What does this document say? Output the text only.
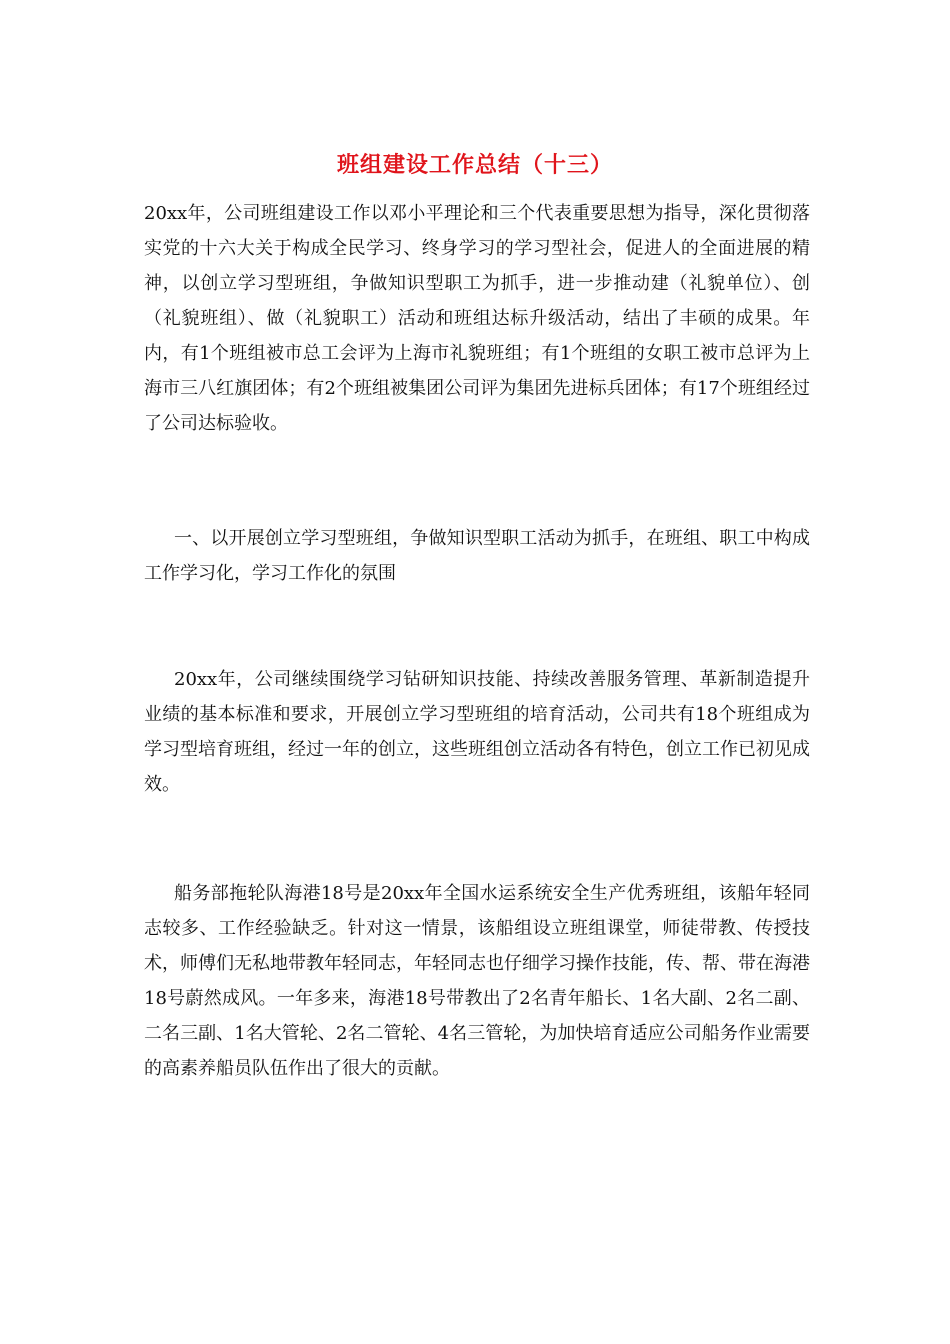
班组建设工作总结（十三）

20xx年，公司班组建设工作以邓小平理论和三个代表重要思想为指导，深化贯彻落实党的十六大关于构成全民学习、终身学习的学习型社会，促进人的全面进展的精神，以创立学习型班组，争做知识型职工为抓手，进一步推动建（礼貌单位）、创（礼貌班组）、做（礼貌职工）活动和班组达标升级活动，结出了丰硕的成果。年内，有1个班组被市总工会评为上海市礼貌班组；有1个班组的女职工被市总评为上海市三八红旗团体；有2个班组被集团公司评为集团先进标兵团体；有17个班组经过了公司达标验收。

一、以开展创立学习型班组，争做知识型职工活动为抓手，在班组、职工中构成工作学习化，学习工作化的氛围

20xx年，公司继续围绕学习钻研知识技能、持续改善服务管理、革新制造提升业绩的基本标准和要求，开展创立学习型班组的培育活动，公司共有18个班组成为学习型培育班组，经过一年的创立，这些班组创立活动各有特色，创立工作已初见成效。

船务部拖轮队海港18号是20xx年全国水运系统安全生产优秀班组，该船年轻同志较多、工作经验缺乏。针对这一情景，该船组设立班组课堂，师徒带教、传授技术，师傅们无私地带教年轻同志，年轻同志也仔细学习操作技能，传、帮、带在海港18号蔚然成风。一年多来，海港18号带教出了2名青年船长、1名大副、2名二副、二名三副、1名大管轮、2名二管轮、4名三管轮，为加快培育适应公司船务作业需要的高素养船员队伍作出了很大的贡献。
